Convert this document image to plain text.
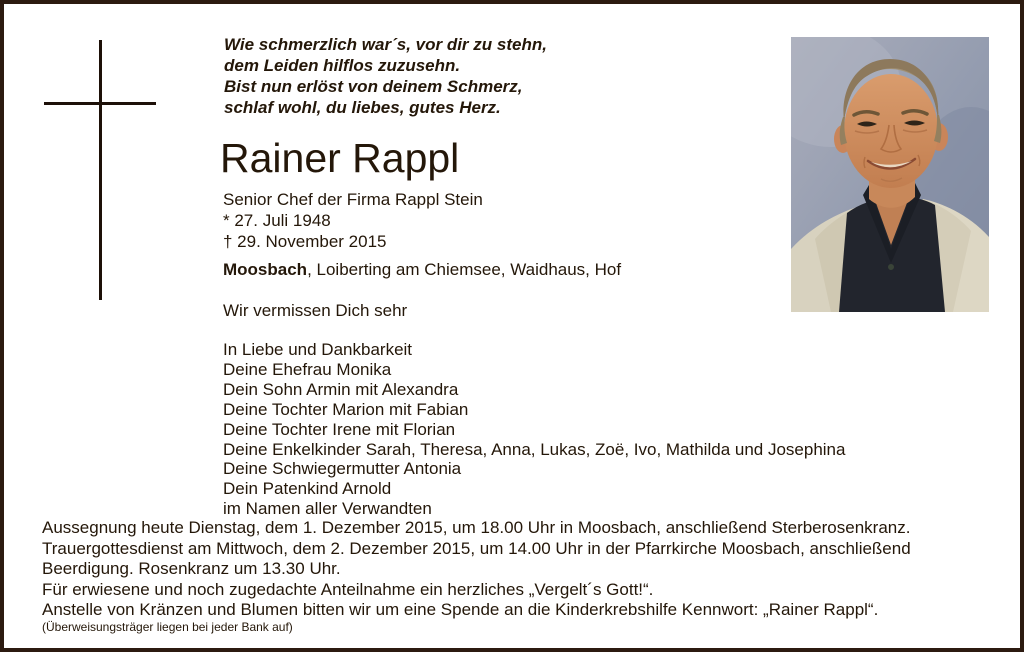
Wie schmerzlich war´s, vor dir zu stehn,
dem Leiden hilflos zuzusehn.
Bist nun erlöst von deinem Schmerz,
schlaf wohl, du liebes, gutes Herz.
Rainer Rappl
Senior Chef der Firma Rappl Stein
* 27. Juli 1948
† 29. November 2015
Moosbach, Loiberting am Chiemsee, Waidhaus, Hof
Wir vermissen Dich sehr
In Liebe und Dankbarkeit
Deine Ehefrau Monika
Dein Sohn Armin mit Alexandra
Deine Tochter Marion mit Fabian
Deine Tochter Irene mit Florian
Deine Enkelkinder Sarah, Theresa, Anna, Lukas, Zoë, Ivo, Mathilda und Josephina
Deine Schwiegermutter Antonia
Dein Patenkind Arnold
im Namen aller Verwandten
Aussegnung heute Dienstag, dem 1. Dezember 2015, um 18.00 Uhr in Moosbach, anschließend Sterberosenkranz.
Trauergottesdienst am Mittwoch, dem 2. Dezember 2015, um 14.00 Uhr in der Pfarrkirche Moosbach, anschließend
Beerdigung. Rosenkranz um 13.30 Uhr.
Für erwiesene und noch zugedachte Anteilnahme ein herzliches „Vergelt´s Gott!“.
Anstelle von Kränzen und Blumen bitten wir um eine Spende an die Kinderkrebshilfe Kennwort: „Rainer Rappl“.
(Überweisungsträger liegen bei jeder Bank auf)
